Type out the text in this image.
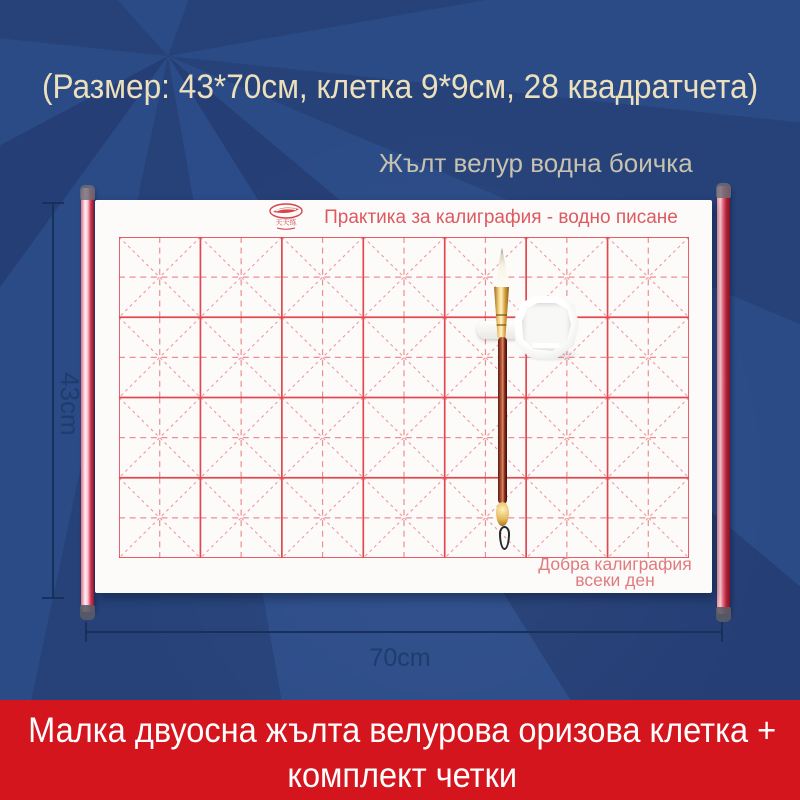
(Размер: 43*70см, клетка 9*9см, 28 квадратчета)
Жълт велур водна боичка
天天练	Практика за калиграфия - водно писане
Добра калиграфия
всеки ден
43cm
70cm
Малка двуосна жълта велурова оризова клетка +
комплект четки
